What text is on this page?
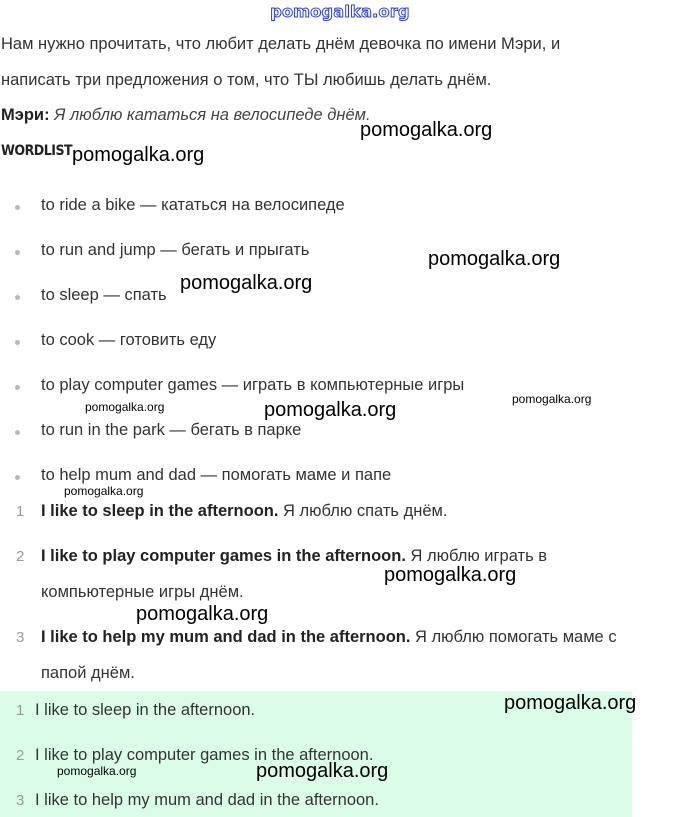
pomogalka.org
Нам нужно прочитать, что любит делать днём девочка по имени Мэри, и
написать три предложения о том, что ТЫ любишь делать днём.
Мэри: Я люблю кататься на велосипеде днём.
WORDLIST
to ride a bike — кататься на велосипеде
to run and jump — бегать и прыгать
to sleep — спать
to cook — готовить еду
to play computer games — играть в компьютерные игры
to run in the park — бегать в парке
to help mum and dad — помогать маме и папе
1 I like to sleep in the afternoon. Я люблю спать днём.
2 I like to play computer games in the afternoon. Я люблю играть в
компьютерные игры днём.
3 I like to help my mum and dad in the afternoon. Я люблю помогать маме с
папой днём.
1 I like to sleep in the afternoon.
2 I like to play computer games in the afternoon.
3 I like to help my mum and dad in the afternoon.
pomogalka.org
pomogalka.org
pomogalka.org
pomogalka.org
pomogalka.org
pomogalka.org
pomogalka.org
pomogalka.org
pomogalka.org
pomogalka.org
pomogalka.org
pomogalka.org	pomogalka.org
